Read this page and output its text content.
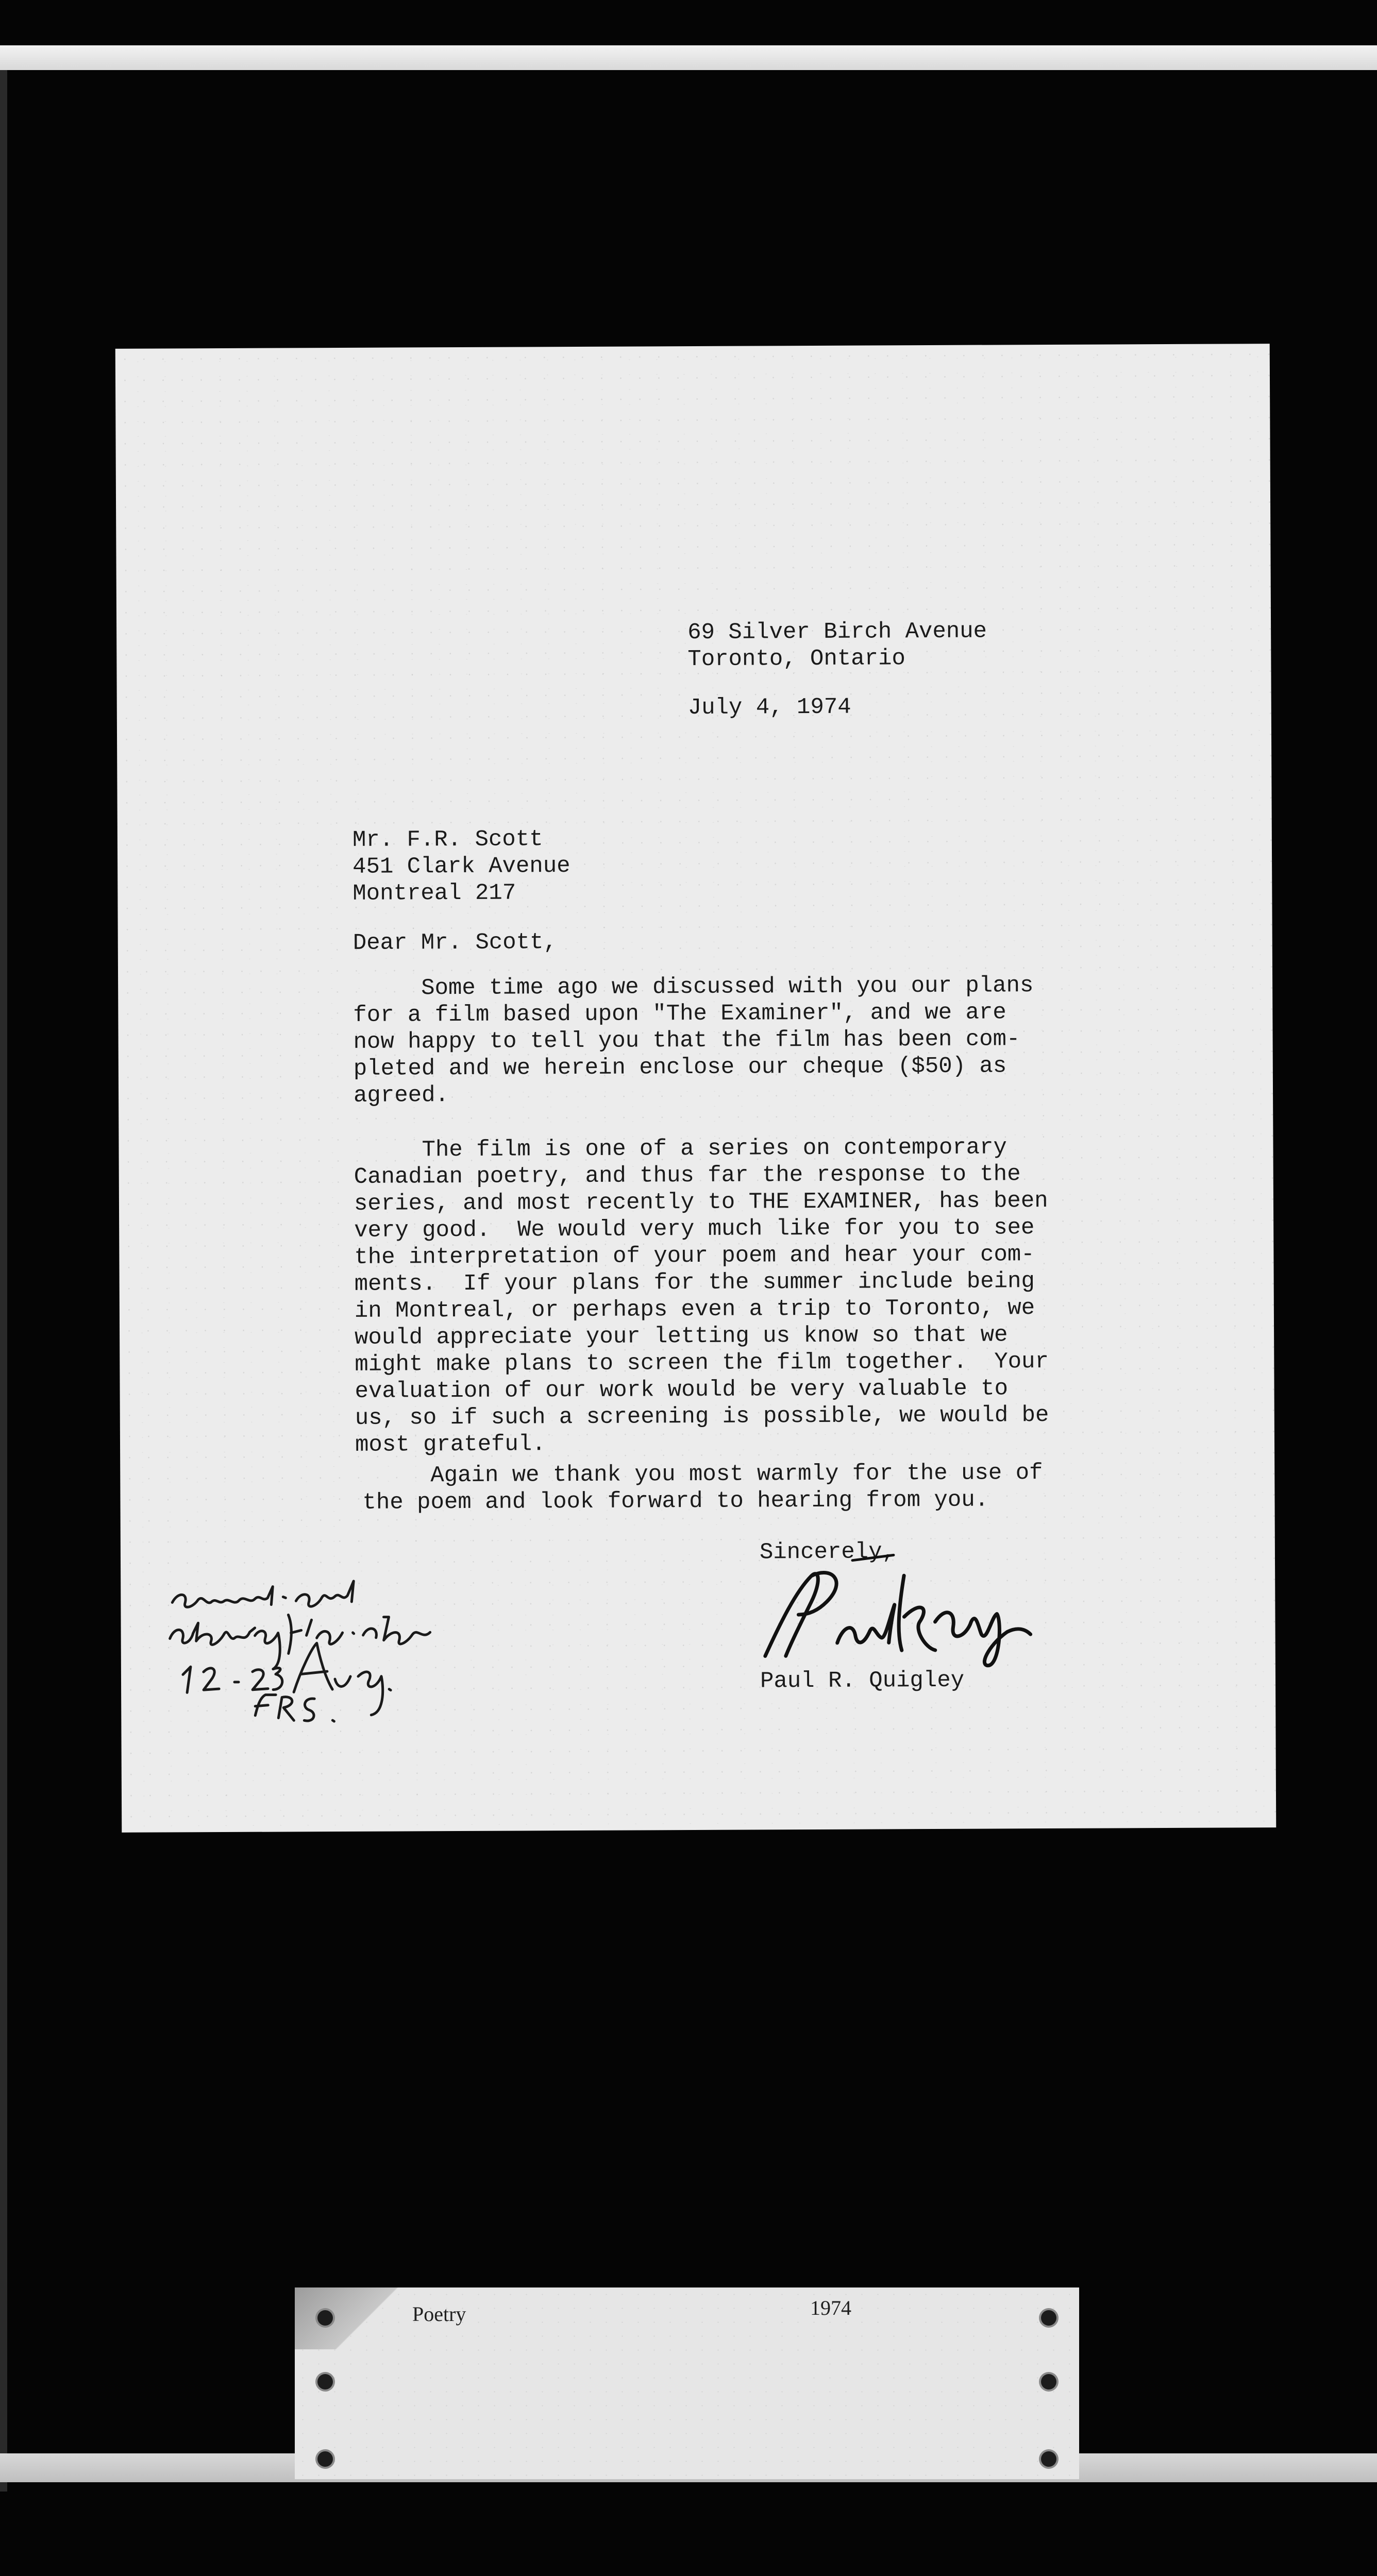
69 Silver Birch Avenue
Toronto, Ontario
July 4, 1974
Mr. F.R. Scott
451 Clark Avenue
Montreal 217
Dear Mr. Scott,
Some time ago we discussed with you our plans
for a film based upon "The Examiner", and we are
now happy to tell you that the film has been com-
pleted and we herein enclose our cheque ($50) as
agreed.
The film is one of a series on contemporary
Canadian poetry, and thus far the response to the
series, and most recently to THE EXAMINER, has been
very good.  We would very much like for you to see
the interpretation of your poem and hear your com-
ments.  If your plans for the summer include being
in Montreal, or perhaps even a trip to Toronto, we
would appreciate your letting us know so that we
might make plans to screen the film together.  Your
evaluation of our work would be very valuable to
us, so if such a screening is possible, we would be
most grateful.
Again we thank you most warmly for the use of
the poem and look forward to hearing from you.
Sincerely,
Paul R. Quigley

Poetry	1974
